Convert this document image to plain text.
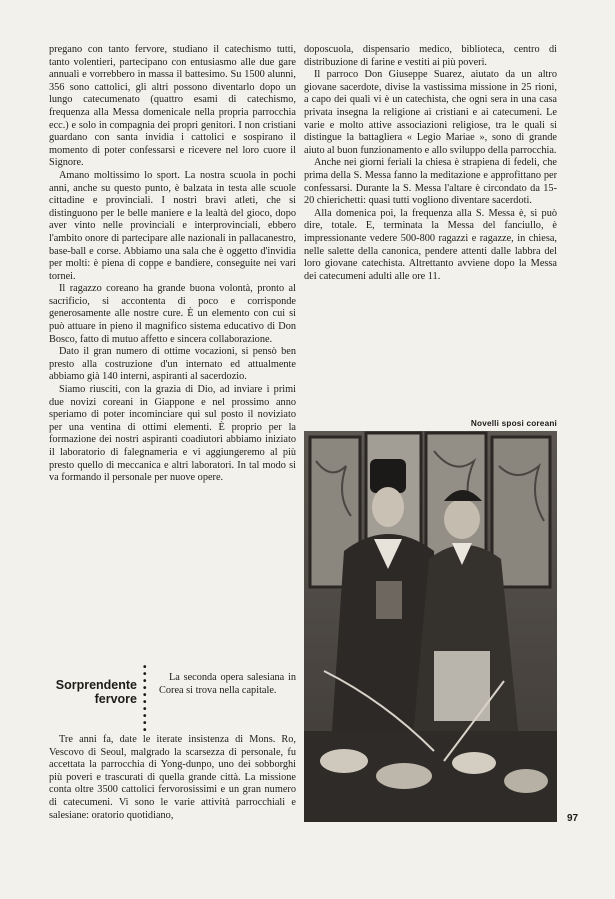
pregano con tanto fervore, studiano il catechismo tutti, tanto volentieri, partecipano con entusiasmo alle due gare annuali e vorrebbero in massa il battesimo. Su 1500 alunni, 356 sono cattolici, gli altri possono diventarlo dopo un lungo catecumenato (quattro esami di catechismo, frequenza alla Messa domenicale nella propria parrocchia ecc.) e solo in compagnia dei propri genitori. I non cristiani guardano con santa invidia i cattolici e sospirano il momento di poter confessarsi e ricevere nel loro cuore il Signore.

Amano moltissimo lo sport. La nostra scuola in pochi anni, anche su questo punto, è balzata in testa alle scuole cittadine e provinciali. I nostri bravi atleti, che si distinguono per le belle maniere e la lealtà del gioco, dopo aver vinto nelle provinciali e interprovinciali, ebbero l'ambito onore di partecipare alle nazionali in pallacanestro, base-ball e corse. Abbiamo una sala che è oggetto d'invidia per molti: è piena di coppe e bandiere, conseguite nei vari tornei.

Il ragazzo coreano ha grande buona volontà, pronto al sacrificio, si accontenta di poco e corrisponde generosamente alle nostre cure. È un elemento con cui si può attuare in pieno il magnifico sistema educativo di Don Bosco, fatto di mutuo affetto e sincera collaborazione.

Dato il gran numero di ottime vocazioni, si pensò ben presto alla costruzione d'un internato ed attualmente abbiamo già 140 interni, aspiranti al sacerdozio.

Siamo riusciti, con la grazia di Dio, ad inviare i primi due novizi coreani in Giappone e nel prossimo anno speriamo di poter incominciare qui sul posto il noviziato per una ventina di ottimi elementi. È proprio per la formazione dei nostri aspiranti coadiutori abbiamo iniziato il laboratorio di falegnameria e vi aggiungeremo al più presto quello di meccanica e altri laboratori. In tal modo si va formando il personale per nuove opere.

Sorprendente
fervore
• • • • • • • • • •

La seconda opera salesiana in Corea si trova nella capitale.

Tre anni fa, date le iterate insistenza di Mons. Ro, Vescovo di Seoul, malgrado la scarsezza di personale, fu accettata la parrocchia di Yong-dunpo, uno dei sobborghi più poveri e trascurati di quella grande città. La missione conta oltre 3500 cattolici fervorosissimi e un gran numero di catecumeni. Vi sono le varie attività parrocchiali e salesiane: oratorio quotidiano,

doposcuola, dispensario medico, biblioteca, centro di distribuzione di farine e vestiti ai più poveri.

Il parroco Don Giuseppe Suarez, aiutato da un altro giovane sacerdote, divise la vastissima missione in 25 rioni, a capo dei quali vi è un catechista, che ogni sera in una casa privata insegna la religione ai cristiani e ai catecumeni. Le varie e molto attive associazioni religiose, tra le quali si distingue la battagliera « Legio Mariae », sono di grande aiuto al buon funzionamento e allo sviluppo della parrocchia.

Anche nei giorni feriali la chiesa è strapiena di fedeli, che prima della S. Messa fanno la meditazione e approfittano per confessarsi. Durante la S. Messa l'altare è circondato da 15-20 chierichetti: quasi tutti vogliono diventare sacerdoti.

Alla domenica poi, la frequenza alla S. Messa è, si può dire, totale. E, terminata la Messa del fanciullo, è impressionante vedere 500-800 ragazzi e ragazze, in chiesa, nelle salette della canonica, pendere attenti dalle labbra del loro giovane catechista. Altrettanto avviene dopo la Messa dei catecumeni adulti alle ore 11.

Novelli sposi coreani
97
